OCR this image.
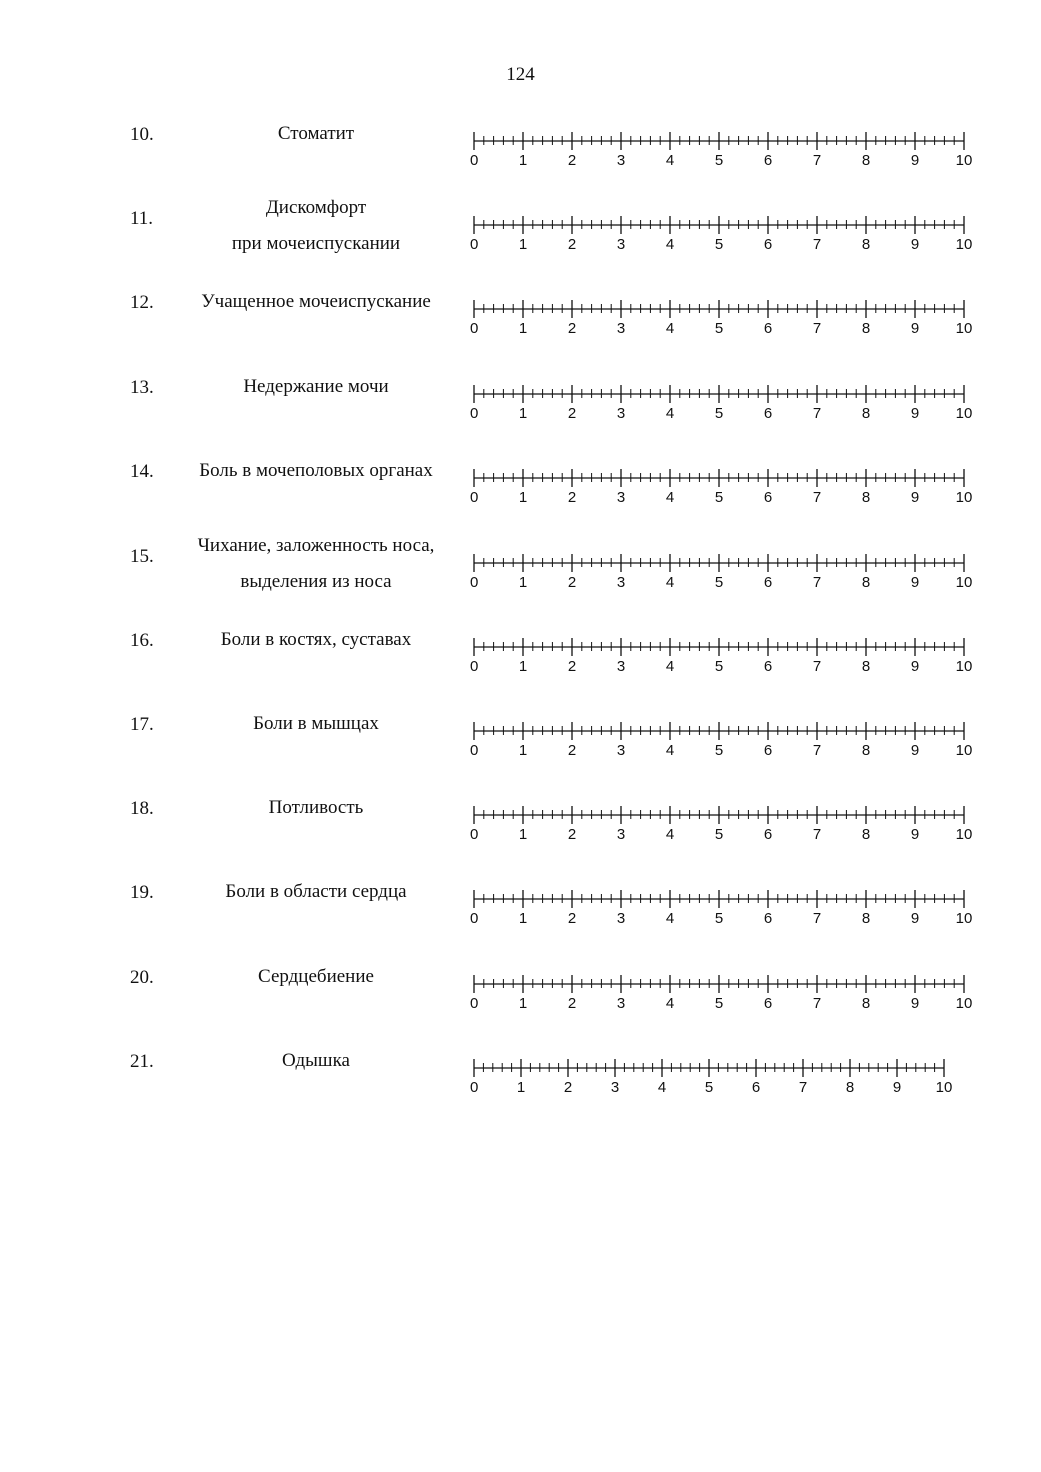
124
10.	Стоматит
0	1	2	3	4	5	6	7	8	9 10
11.
Дискомфорт
при мочеиспускании	0	1	2	3	4	5	6	7	8	9 10
12.	Учащенное мочеиспускание
0	1	2	3	4	5	6	7	8	9 10
13.	Недержание мочи
0	1	2	3	4	5	6	7	8	9 10
14.	Боль в мочеполовых органах
0	1	2	3	4	5	6	7	8	9 10
15.
Чихание, заложенность носа,
выделения из носа	0	1	2	3	4	5	6	7	8	9 10
16.	Боли в костях, суставах
0	1	2	3	4	5	6	7	8	9 10
17.	Боли в мышцах
0	1	2	3	4	5	6	7	8	9 10
18.	Потливость
0	1	2	3	4	5	6	7	8	9 10
19.	Боли в области сердца
0	1	2	3	4	5	6	7	8	9 10
20.	Сердцебиение
0	1	2	3	4	5	6	7	8	9 10
21.	Одышка
0	1	2	3	4	5	6	7	8	9 10
